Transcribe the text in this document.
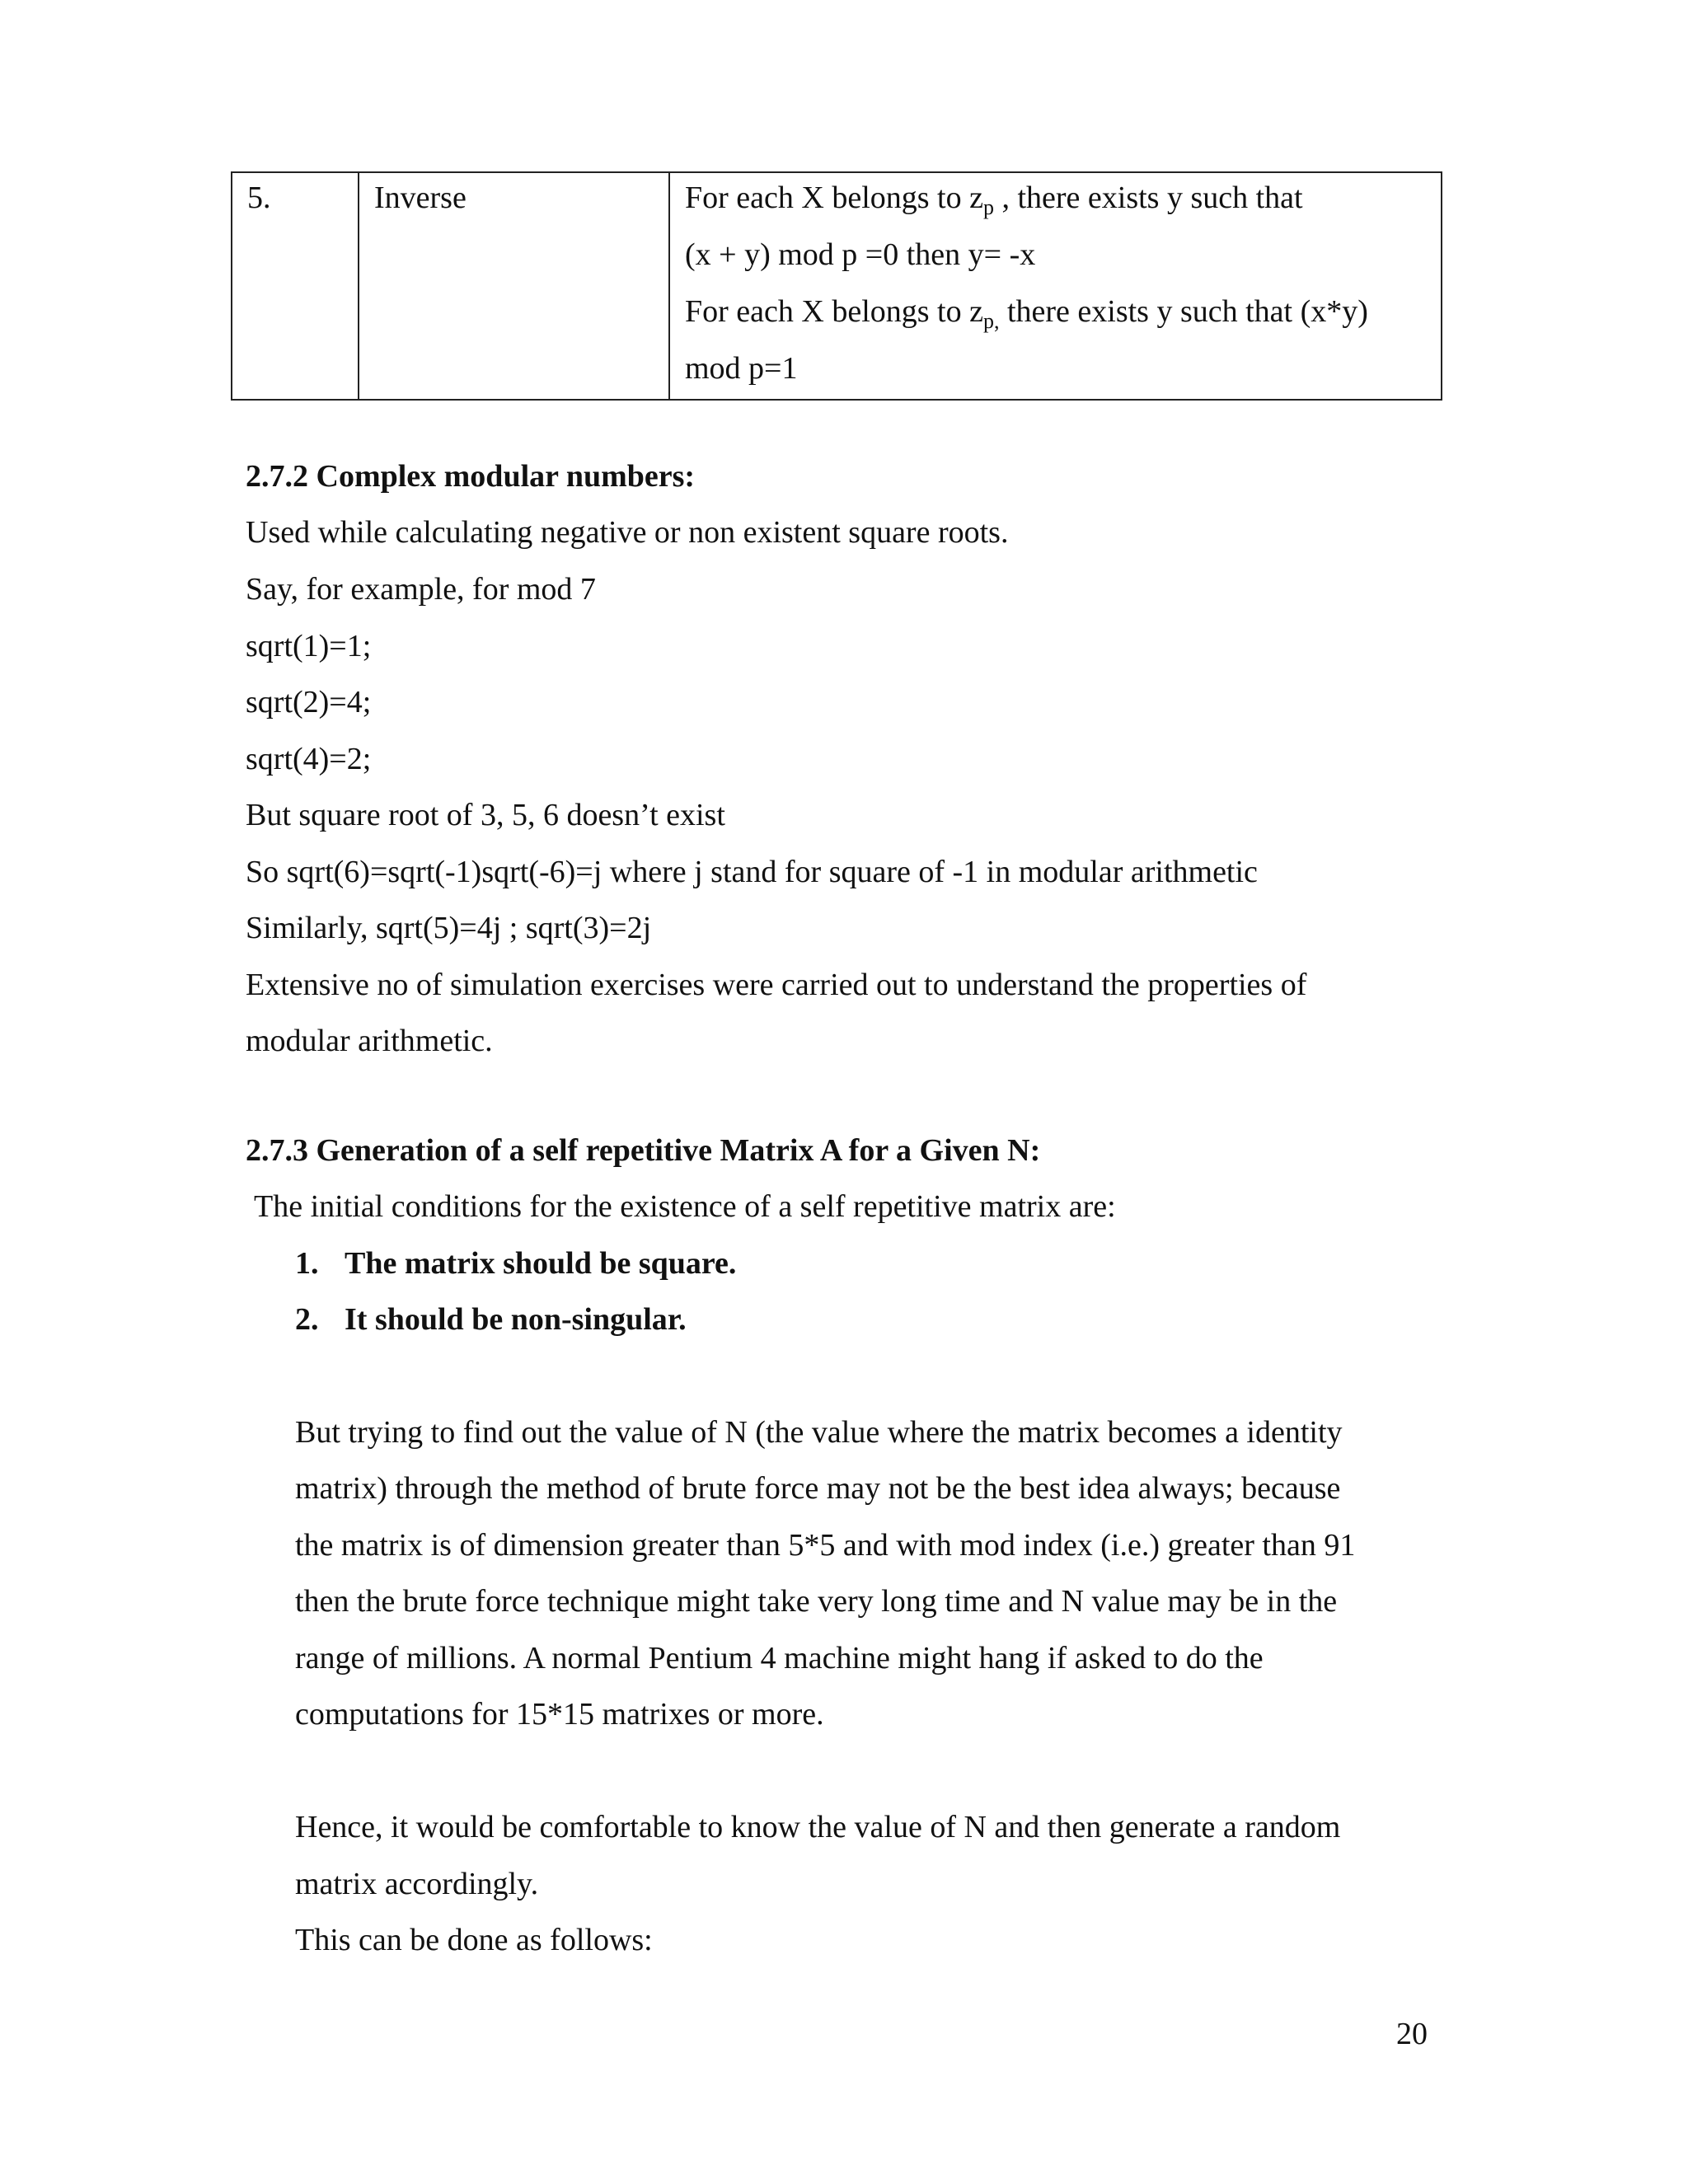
5.	Inverse	For each X belongs to $z_p$ , there exists y such that
(x + y) mod p =0 then y= -x
For each X belongs to $z_{p,}$ there exists y such that (x*y)
mod p=1
2.7.2 Complex modular numbers:
Used while calculating negative or non existent square roots.
Say, for example, for mod 7
sqrt(1)=1;
sqrt(2)=4;
sqrt(4)=2;
But square root of 3, 5, 6 doesn’t exist
So sqrt(6)=sqrt(-1)sqrt(-6)=j where j stand for square of -1 in modular arithmetic
Similarly, sqrt(5)=4j ; sqrt(3)=2j
Extensive no of simulation exercises were carried out to understand the properties of
modular arithmetic.
2.7.3 Generation of a self repetitive Matrix A for a Given N:
The initial conditions for the existence of a self repetitive matrix are:
1. The matrix should be square.
2. It should be non-singular.
But trying to find out the value of N (the value where the matrix becomes a identity
matrix) through the method of brute force may not be the best idea always; because
the matrix is of dimension greater than 5*5 and with mod index (i.e.) greater than 91
then the brute force technique might take very long time and N value may be in the
range of millions. A normal Pentium 4 machine might hang if asked to do the
computations for 15*15 matrixes or more.
Hence, it would be comfortable to know the value of N and then generate a random
matrix accordingly.
This can be done as follows:
20
